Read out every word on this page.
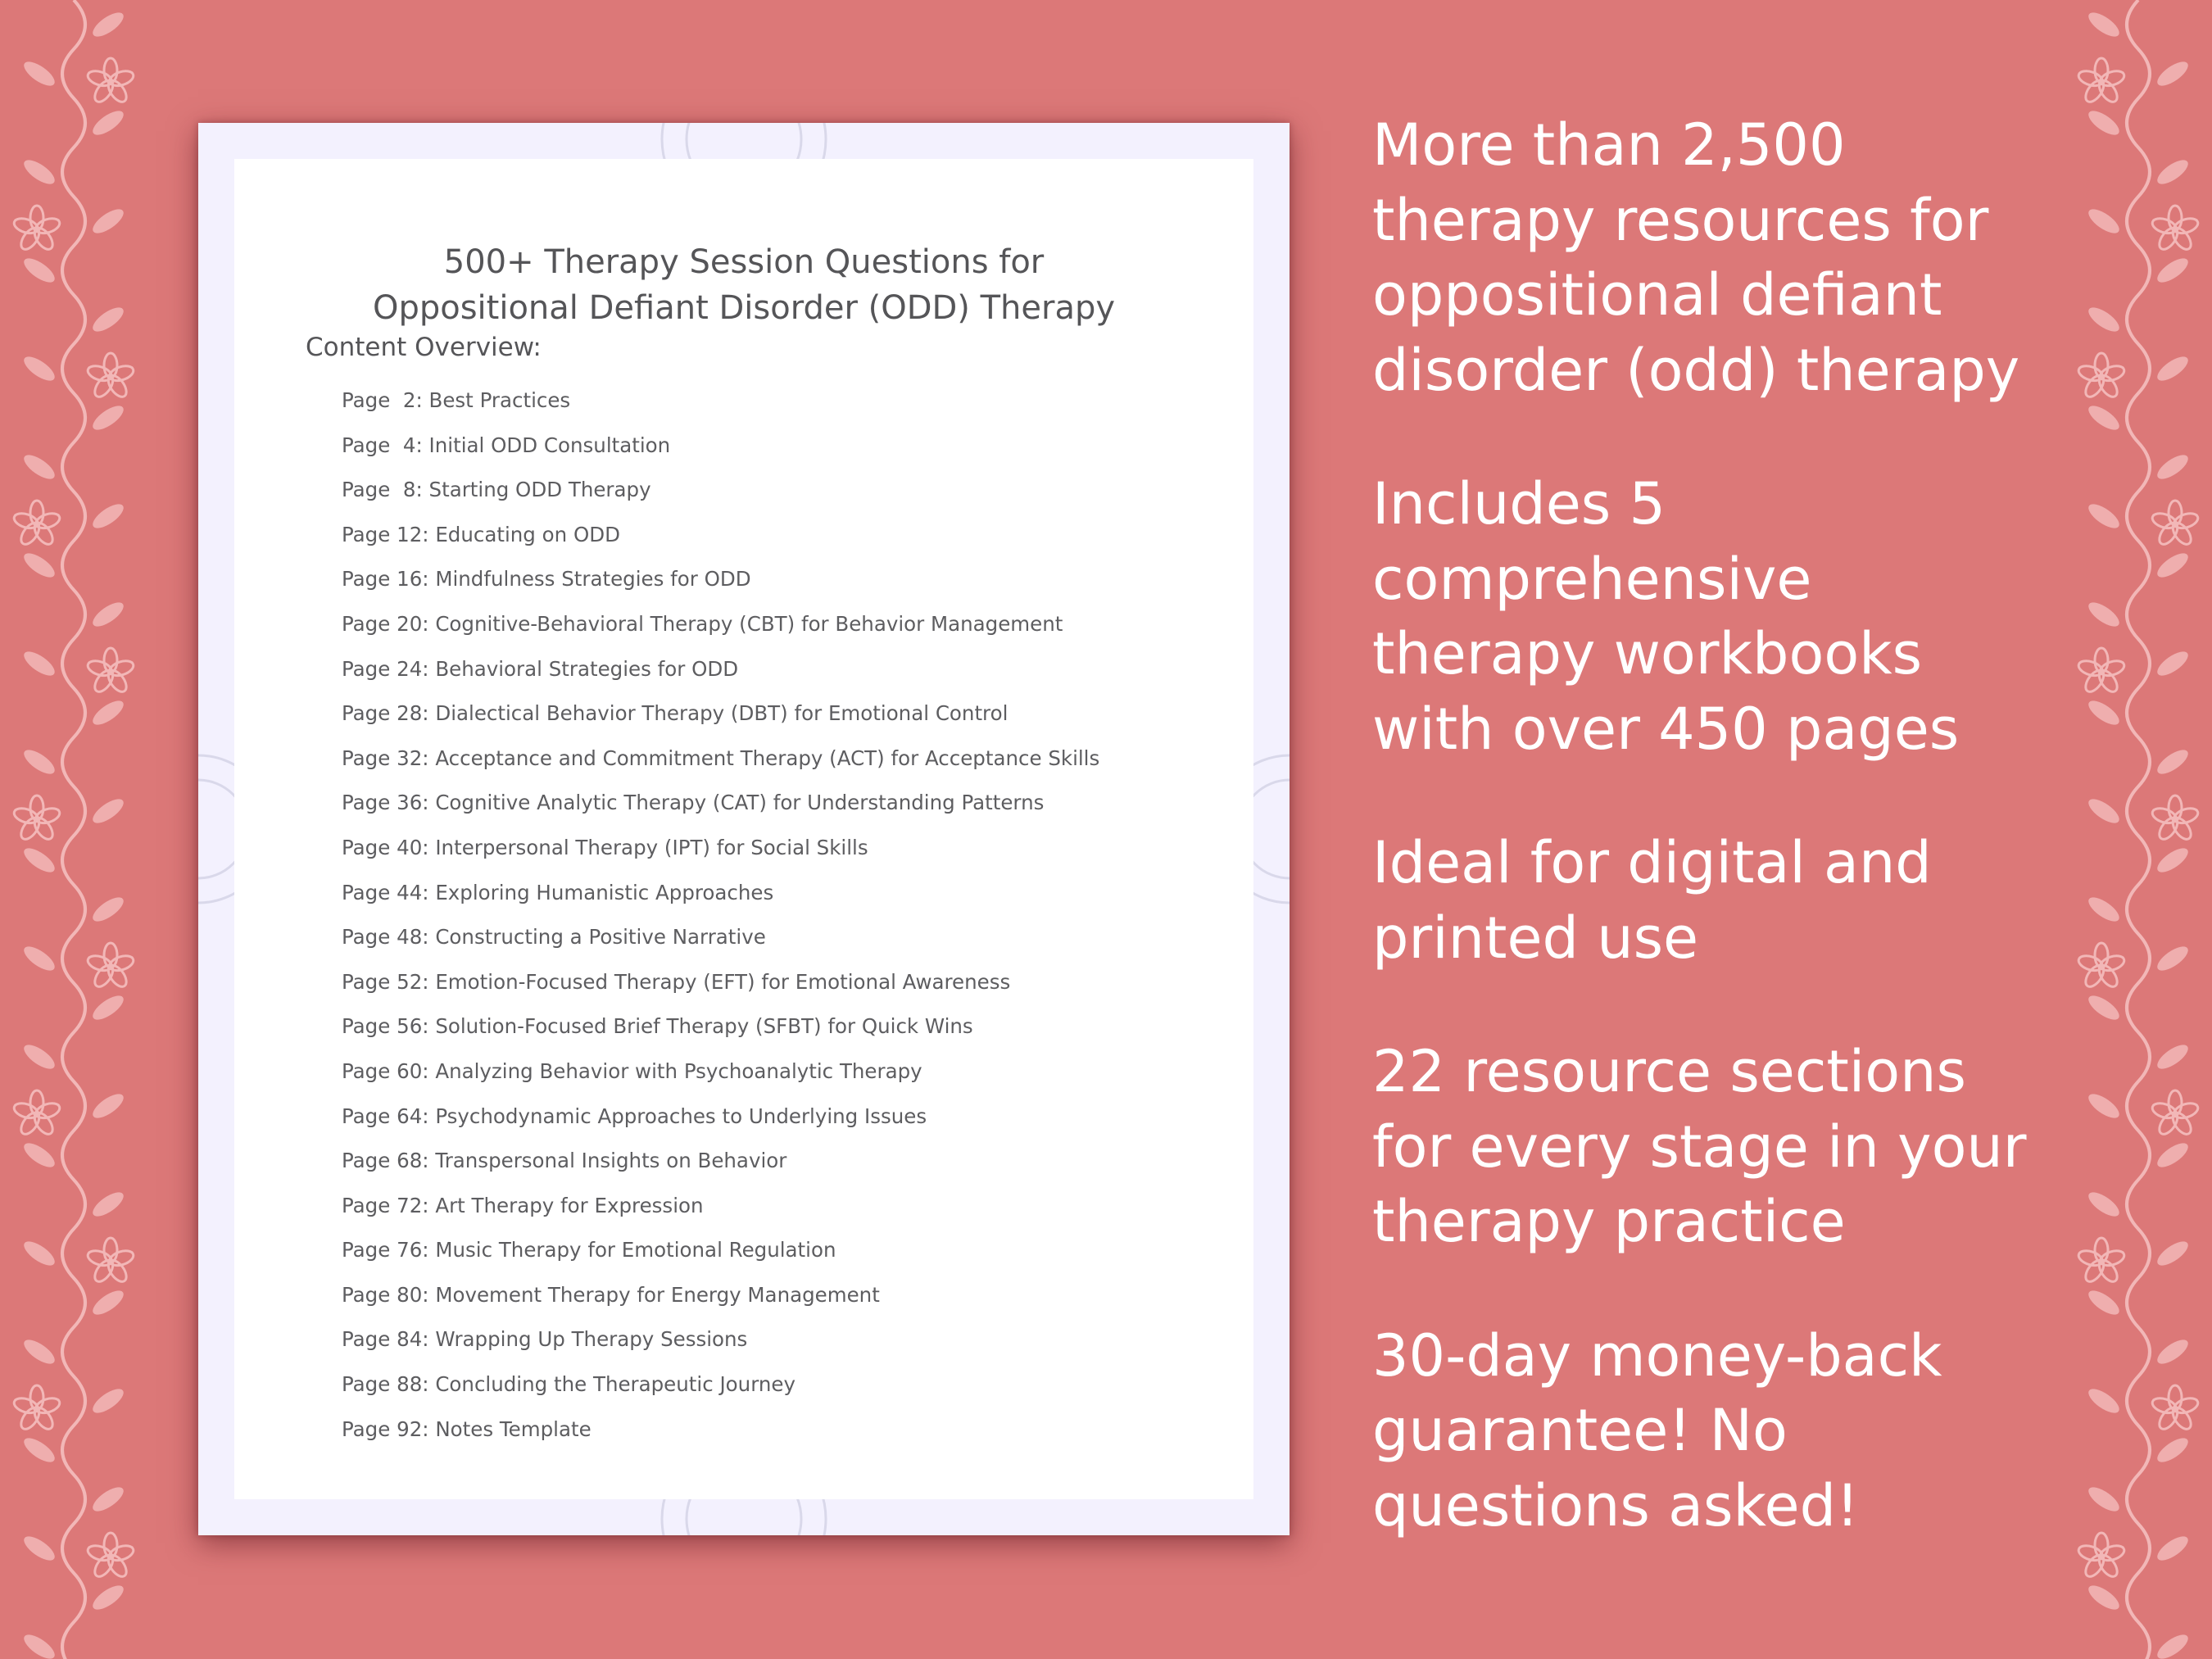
500+ Therapy Session Questions for
Oppositional Defiant Disorder (ODD) Therapy
Content Overview:
Page  2: Best Practices
Page  4: Initial ODD Consultation
Page  8: Starting ODD Therapy
Page 12: Educating on ODD
Page 16: Mindfulness Strategies for ODD
Page 20: Cognitive-Behavioral Therapy (CBT) for Behavior Management
Page 24: Behavioral Strategies for ODD
Page 28: Dialectical Behavior Therapy (DBT) for Emotional Control
Page 32: Acceptance and Commitment Therapy (ACT) for Acceptance Skills
Page 36: Cognitive Analytic Therapy (CAT) for Understanding Patterns
Page 40: Interpersonal Therapy (IPT) for Social Skills
Page 44: Exploring Humanistic Approaches
Page 48: Constructing a Positive Narrative
Page 52: Emotion-Focused Therapy (EFT) for Emotional Awareness
Page 56: Solution-Focused Brief Therapy (SFBT) for Quick Wins
Page 60: Analyzing Behavior with Psychoanalytic Therapy
Page 64: Psychodynamic Approaches to Underlying Issues
Page 68: Transpersonal Insights on Behavior
Page 72: Art Therapy for Expression
Page 76: Music Therapy for Emotional Regulation
Page 80: Movement Therapy for Energy Management
Page 84: Wrapping Up Therapy Sessions
Page 88: Concluding the Therapeutic Journey
Page 92: Notes Template

More than 2,500
therapy resources for
oppositional defiant
disorder (odd) therapy

Includes 5
comprehensive
therapy workbooks
with over 450 pages

Ideal for digital and
printed use

22 resource sections
for every stage in your
therapy practice

30-day money-back
guarantee! No
questions asked!
